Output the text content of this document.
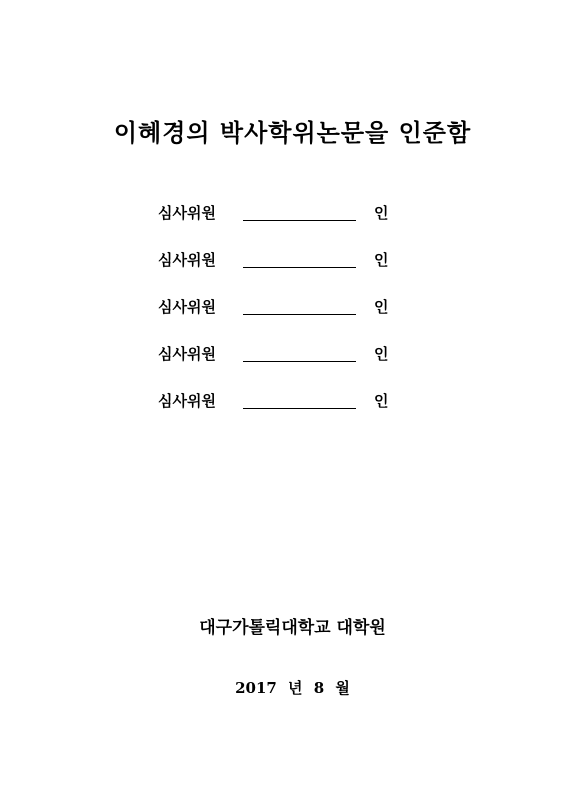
이혜경의 박사학위논문을 인준함
심사위원	인
심사위원	인
심사위원	인
심사위원	인
심사위원	인
대구가톨릭대학교 대학원
2017 년 8 월
